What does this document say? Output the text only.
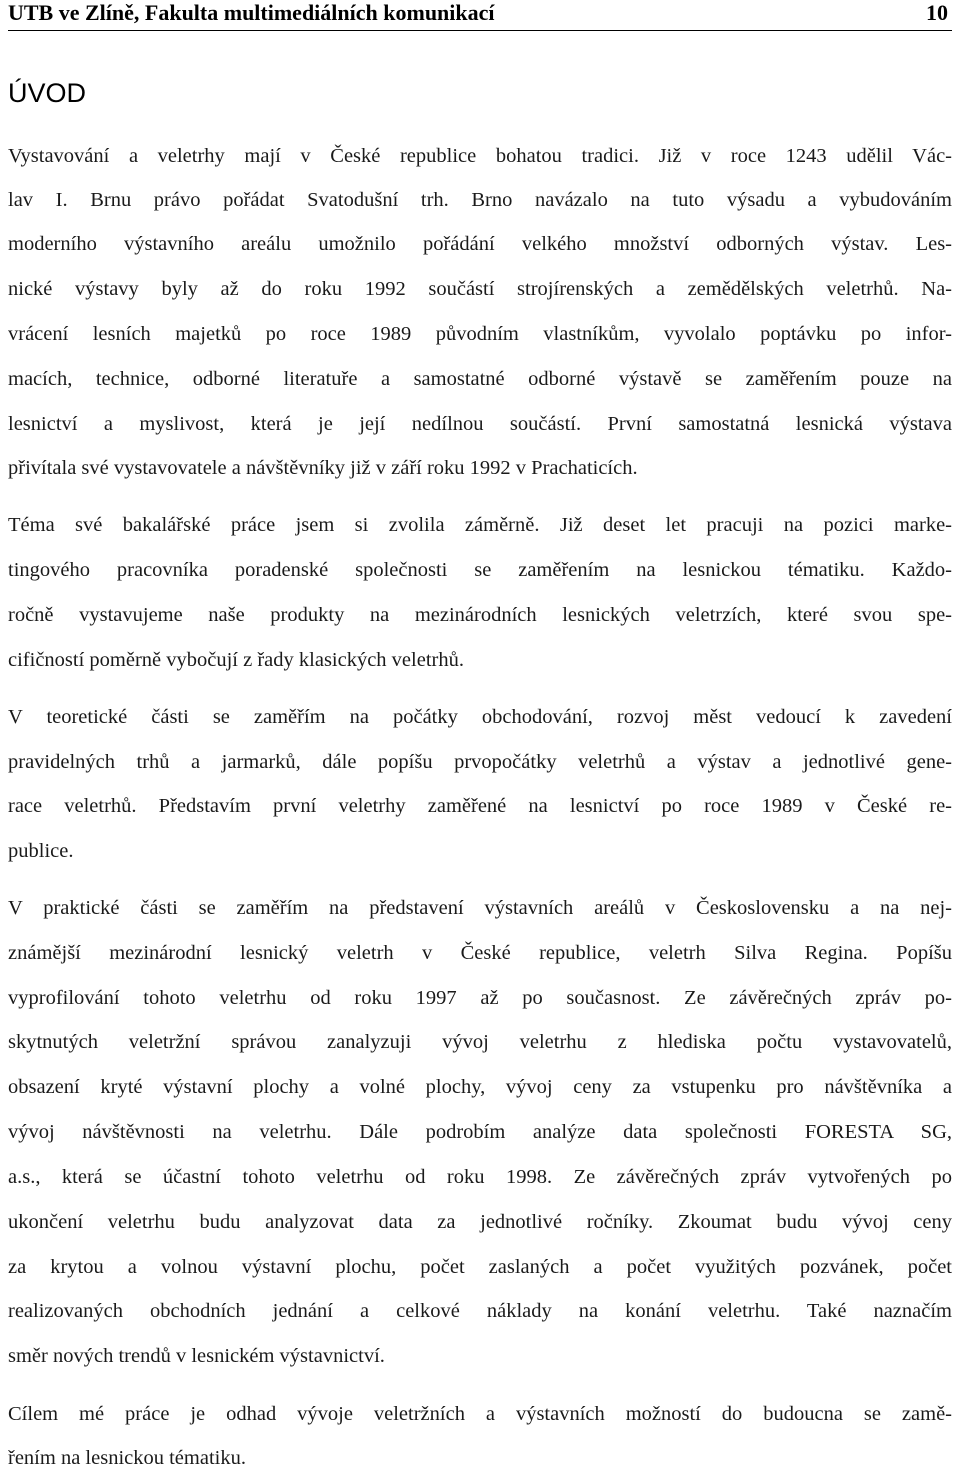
UTB ve Zlíně, Fakulta multimediálních komunikací	10
ÚVOD
Vystavování a veletrhy mají v České republice bohatou tradici. Již v roce 1243 udělil Vác-
lav I. Brnu právo pořádat Svatodušní trh. Brno navázalo na tuto výsadu a vybudováním
moderního výstavního areálu umožnilo pořádání velkého množství odborných výstav. Les-
nické výstavy byly až do roku 1992 součástí strojírenských a zemědělských veletrhů. Na-
vrácení lesních majetků po roce 1989 původním vlastníkům, vyvolalo poptávku po infor-
macích, technice, odborné literatuře a samostatné odborné výstavě se zaměřením pouze na
lesnictví a myslivost, která je její nedílnou součástí. První samostatná lesnická výstava
přivítala své vystavovatele a návštěvníky již v září roku 1992 v Prachaticích.
Téma své bakalářské práce jsem si zvolila záměrně. Již deset let pracuji na pozici marke-
tingového pracovníka poradenské společnosti se zaměřením na lesnickou tématiku. Každo-
ročně vystavujeme naše produkty na mezinárodních lesnických veletrzích, které svou spe-
cifičností poměrně vybočují z řady klasických veletrhů.
V teoretické části se zaměřím na počátky obchodování, rozvoj měst vedoucí k zavedení
pravidelných trhů a jarmarků, dále popíšu prvopočátky veletrhů a výstav a jednotlivé gene-
race veletrhů. Představím první veletrhy zaměřené na lesnictví po roce 1989 v České re-
publice.
V praktické části se zaměřím na představení výstavních areálů v Československu a na nej-
známější mezinárodní lesnický veletrh v České republice, veletrh Silva Regina. Popíšu
vyprofilování tohoto veletrhu od roku 1997 až po současnost. Ze závěrečných zpráv po-
skytnutých veletržní správou zanalyzuji vývoj veletrhu z hlediska počtu vystavovatelů,
obsazení kryté výstavní plochy a volné plochy, vývoj ceny za vstupenku pro návštěvníka a
vývoj návštěvnosti na veletrhu. Dále podrobím analýze data společnosti FORESTA SG,
a.s., která se účastní tohoto veletrhu od roku 1998. Ze závěrečných zpráv vytvořených po
ukončení veletrhu budu analyzovat data za jednotlivé ročníky. Zkoumat budu vývoj ceny
za krytou a volnou výstavní plochu, počet zaslaných a počet využitých pozvánek, počet
realizovaných obchodních jednání a celkové náklady na konání veletrhu. Také naznačím
směr nových trendů v lesnickém výstavnictví.
Cílem mé práce je odhad vývoje veletržních a výstavních možností do budoucna se zamě-
řením na lesnickou tématiku.
